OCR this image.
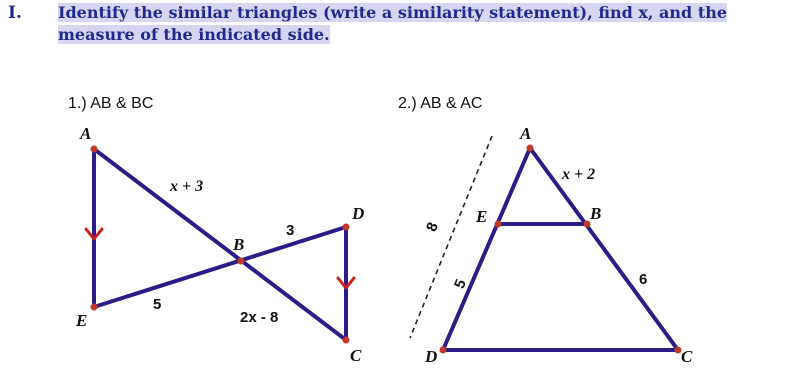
I. Identify the similar triangles (write a similarity statement), find x, and the measure of the indicated side.
1.) AB & BC	2.) AB & AC
A
E
B
D
C
x + 3
3
5
2x - 8
A
E	B
D	C
x + 2
8
5	6
